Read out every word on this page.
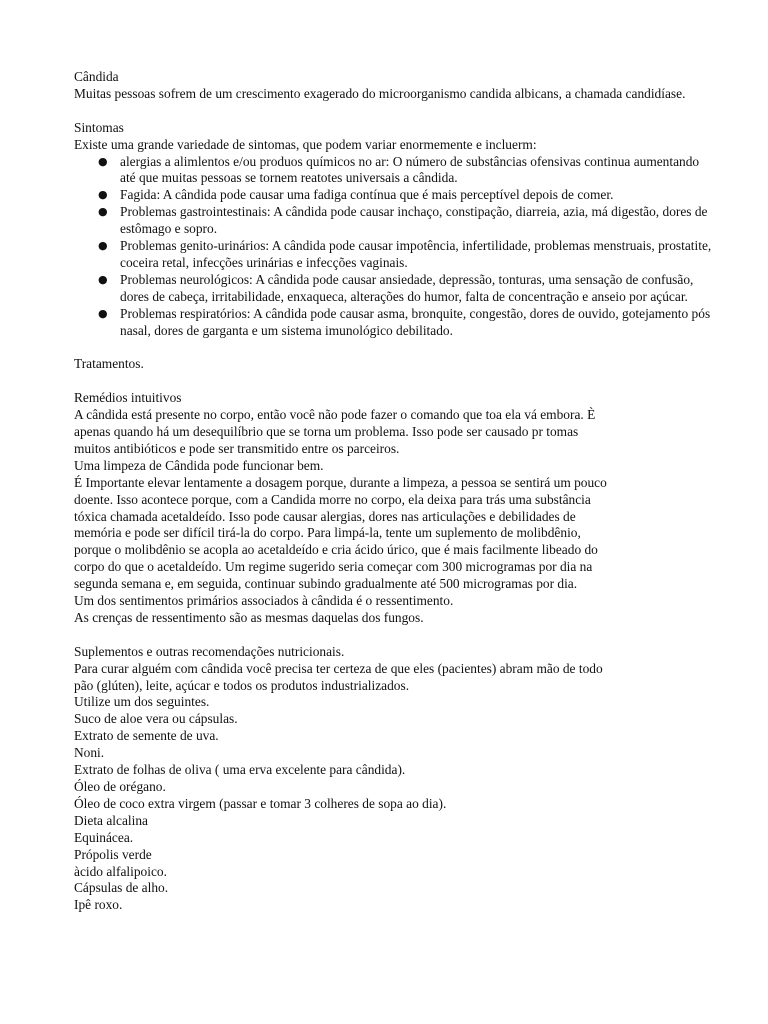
Cândida

Muitas pessoas sofrem de um crescimento exagerado do microorganismo candida albicans, a chamada candidíase.

Sintomas

Existe uma grande variedade de sintomas, que podem variar enormemente e incluerm:

● alergias a alimlentos e/ou produos químicos no ar: O número de substâncias ofensivas continua aumentando até que muitas pessoas se tornem reatotes universais a cândida.
● Fagida: A cândida pode causar uma fadiga contínua que é mais perceptível depois de comer.
● Problemas gastrointestinais: A cândida pode causar inchaço, constipação, diarreia, azia, má digestão, dores de estômago e sopro.
● Problemas genito-urinários: A cândida pode causar impotência, infertilidade, problemas menstruais, prostatite, coceira retal, infecções urinárias e infecções vaginais.
● Problemas neurológicos: A cândida pode causar ansiedade, depressão, tonturas, uma sensação de confusão, dores de cabeça, irritabilidade, enxaqueca, alterações do humor, falta de concentração e anseio por açúcar.
● Problemas respiratórios: A cândida pode causar asma, bronquite, congestão, dores de ouvido, gotejamento pós nasal, dores de garganta e um sistema imunológico debilitado.

Tratamentos.

Remédios intuitivos

A cândida está presente no corpo, então você não pode fazer o comando que toa ela vá embora. È

apenas quando há um desequilíbrio que se torna um problema. Isso pode ser causado pr tomas

muitos antibióticos e pode ser transmitido entre os parceiros.

Uma limpeza de Cândida pode funcionar bem.

É Importante elevar lentamente a dosagem porque, durante a limpeza, a pessoa se sentirá um pouco

doente. Isso acontece porque, com a Candida morre no corpo, ela deixa para trás uma substância

tóxica chamada acetaldeído. Isso pode causar alergias, dores nas articulações e debilidades de

memória e pode ser difícil tirá-la do corpo. Para limpá-la, tente um suplemento de molibdênio,

porque o molibdênio se acopla ao acetaldeído e cria ácido úrico, que é mais facilmente libeado do

corpo do que o acetaldeído. Um regime sugerido seria começar com 300 microgramas por dia na

segunda semana e, em seguida, continuar subindo gradualmente até 500 microgramas por dia.

Um dos sentimentos primários associados à cândida é o ressentimento.

As crenças de ressentimento são as mesmas daquelas dos fungos.

Suplementos e outras recomendações nutricionais.

Para curar alguém com cândida você precisa ter certeza de que eles (pacientes) abram mão de todo

pão (glúten), leite, açúcar e todos os produtos industrializados.

Utilize um dos seguintes.

Suco de aloe vera ou cápsulas.

Extrato de semente de uva.

Noni.

Extrato de folhas de oliva ( uma erva excelente para cândida).

Óleo de orégano.

Óleo de coco extra virgem (passar e tomar 3 colheres de sopa ao dia).

Dieta alcalina

Equinácea.

Própolis verde

àcido alfalipoico.

Cápsulas de alho.

Ipê roxo.
